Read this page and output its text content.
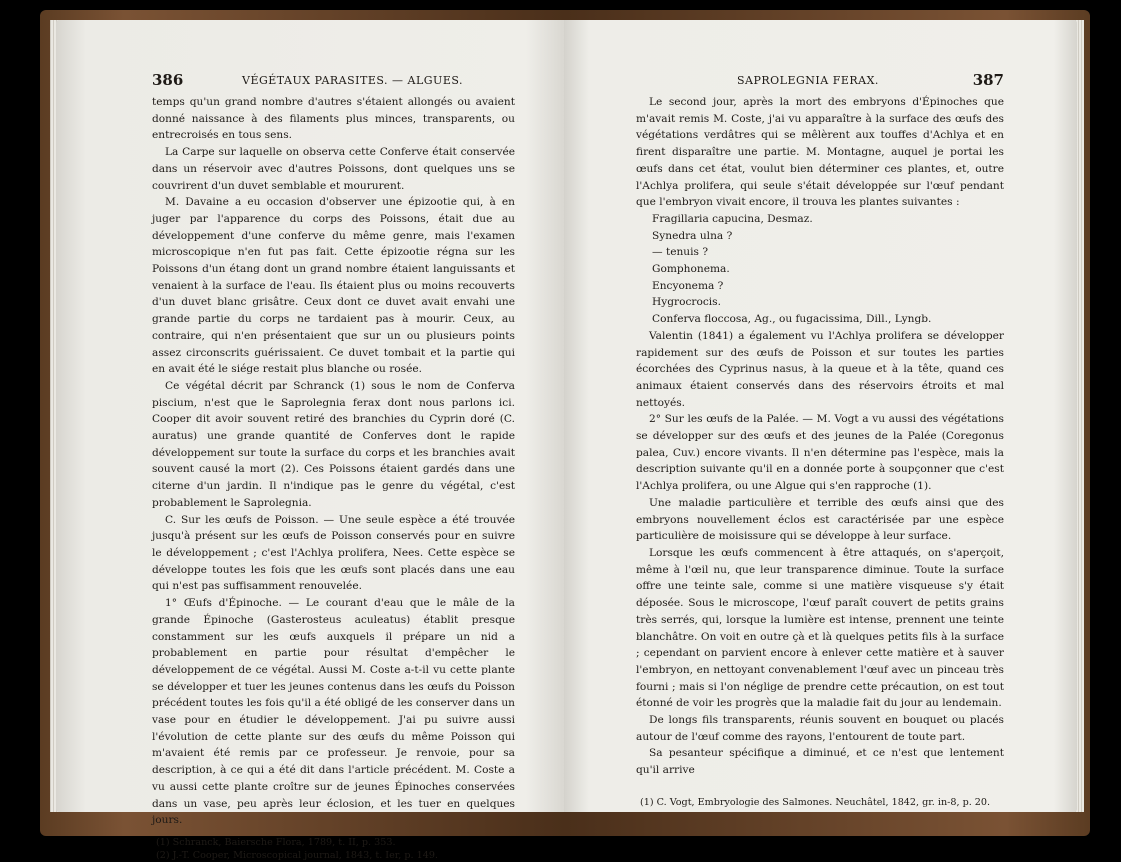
386	VÉGÉTAUX PARASITES. — ALGUES.

temps qu'un grand nombre d'autres s'étaient allongés ou avaient donné naissance à des filaments plus minces, transparents, ou entrecroisés en tous sens.

La Carpe sur laquelle on observa cette Conferve était conservée dans un réservoir avec d'autres Poissons, dont quelques uns se couvrirent d'un duvet semblable et moururent.

M. Davaine a eu occasion d'observer une épizootie qui, à en juger par l'apparence du corps des Poissons, était due au développement d'une conferve du même genre, mais l'examen microscopique n'en fut pas fait. Cette épizootie régna sur les Poissons d'un étang dont un grand nombre étaient languissants et venaient à la surface de l'eau. Ils étaient plus ou moins recouverts d'un duvet blanc grisâtre. Ceux dont ce duvet avait envahi une grande partie du corps ne tardaient pas à mourir. Ceux, au contraire, qui n'en présentaient que sur un ou plusieurs points assez circonscrits guérissaient. Ce duvet tombait et la partie qui en avait été le siége restait plus blanche ou rosée.

Ce végétal décrit par Schranck (1) sous le nom de Conferva piscium, n'est que le Saprolegnia ferax dont nous parlons ici. Cooper dit avoir souvent retiré des branchies du Cyprin doré (C. auratus) une grande quantité de Conferves dont le rapide développement sur toute la surface du corps et les branchies avait souvent causé la mort (2). Ces Poissons étaient gardés dans une citerne d'un jardin. Il n'indique pas le genre du végétal, c'est probablement le Saprolegnia.

C. Sur les œufs de Poisson. — Une seule espèce a été trouvée jusqu'à présent sur les œufs de Poisson conservés pour en suivre le développement ; c'est l'Achlya prolifera, Nees. Cette espèce se développe toutes les fois que les œufs sont placés dans une eau qui n'est pas suffisamment renouvelée.

1° Œufs d'Épinoche. — Le courant d'eau que le mâle de la grande Épinoche (Gasterosteus aculeatus) établit presque constamment sur les œufs auxquels il prépare un nid a probablement en partie pour résultat d'empêcher le développement de ce végétal. Aussi M. Coste a-t-il vu cette plante se développer et tuer les jeunes contenus dans les œufs du Poisson précédent toutes les fois qu'il a été obligé de les conserver dans un vase pour en étudier le développement. J'ai pu suivre aussi l'évolution de cette plante sur des œufs du même Poisson qui m'avaient été remis par ce professeur. Je renvoie, pour sa description, à ce qui a été dit dans l'article précédent. M. Coste a vu aussi cette plante croître sur de jeunes Épinoches conservées dans un vase, peu après leur éclosion, et les tuer en quelques jours.

(1) Schranck, Baiersche Flora, 1789, t. II, p. 353.

(2) J.-T. Cooper, Microscopical journal, 1843, t. Ier, p. 149.

SAPROLEGNIA FERAX.	387

Le second jour, après la mort des embryons d'Épinoches que m'avait remis M. Coste, j'ai vu apparaître à la surface des œufs des végétations verdâtres qui se mêlèrent aux touffes d'Achlya et en firent disparaître une partie. M. Montagne, auquel je portai les œufs dans cet état, voulut bien déterminer ces plantes, et, outre l'Achlya prolifera, qui seule s'était développée sur l'œuf pendant que l'embryon vivait encore, il trouva les plantes suivantes :

Fragillaria capucina, Desmaz.

Synedra ulna ?

— tenuis ?

Gomphonema.

Encyonema ?

Hygrocrocis.

Conferva floccosa, Ag., ou fugacissima, Dill., Lyngb.

Valentin (1841) a également vu l'Achlya prolifera se développer rapidement sur des œufs de Poisson et sur toutes les parties écorchées des Cyprinus nasus, à la queue et à la tête, quand ces animaux étaient conservés dans des réservoirs étroits et mal nettoyés.

2° Sur les œufs de la Palée. — M. Vogt a vu aussi des végétations se développer sur des œufs et des jeunes de la Palée (Coregonus palea, Cuv.) encore vivants. Il n'en détermine pas l'espèce, mais la description suivante qu'il en a donnée porte à soupçonner que c'est l'Achlya prolifera, ou une Algue qui s'en rapproche (1).

Une maladie particulière et terrible des œufs ainsi que des embryons nouvellement éclos est caractérisée par une espèce particulière de moisissure qui se développe à leur surface.

Lorsque les œufs commencent à être attaqués, on s'aperçoit, même à l'œil nu, que leur transparence diminue. Toute la surface offre une teinte sale, comme si une matière visqueuse s'y était déposée. Sous le microscope, l'œuf paraît couvert de petits grains très serrés, qui, lorsque la lumière est intense, prennent une teinte blanchâtre. On voit en outre çà et là quelques petits fils à la surface ; cependant on parvient encore à enlever cette matière et à sauver l'embryon, en nettoyant convenablement l'œuf avec un pinceau très fourni ; mais si l'on néglige de prendre cette précaution, on est tout étonné de voir les progrès que la maladie fait du jour au lendemain.

De longs fils transparents, réunis souvent en bouquet ou placés autour de l'œuf comme des rayons, l'entourent de toute part.

Sa pesanteur spécifique a diminué, et ce n'est que lentement qu'il arrive

(1) C. Vogt, Embryologie des Salmones. Neuchâtel, 1842, gr. in-8, p. 20.
